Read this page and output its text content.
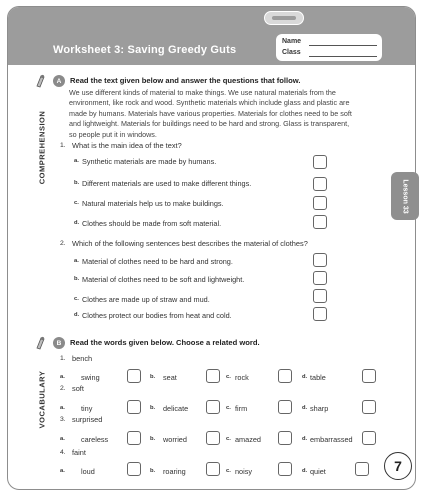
Worksheet 3: Saving Greedy Guts
Name
Class
A	Read the text given below and answer the questions that follow.
COMPREHENSION
We use different kinds of material to make things. We use natural materials from the environment, like rock and wood. Synthetic materials which include glass and plastic are made by humans. Materials have various properties. Materials for clothes need to be soft and lightweight. Materials for buildings need to be hard and strong. Glass is transparent, so people put it in windows.
1. What is the main idea of the text?
a. Synthetic materials are made by humans.
b. Different materials are used to make different things.
c. Natural materials help us to make buildings.
d. Clothes should be made from soft material.
2. Which of the following sentences best describes the material of clothes?
a. Material of clothes need to be hard and strong.
b. Material of clothes need to be soft and lightweight.
c. Clothes are made up of straw and mud.
d. Clothes protect our bodies from heat and cold.
B	Read the words given below. Choose a related word.
VOCABULARY
1. bench
a. swing	b. seat	c. rock	d. table
2. soft
a. tiny	b. delicate	c. firm	d. sharp
3. surprised
a. careless	b. worried	c. amazed	d. embarrassed
4. faint
a. loud	b. roaring	c. noisy	d. quiet
Lesson 33
7
